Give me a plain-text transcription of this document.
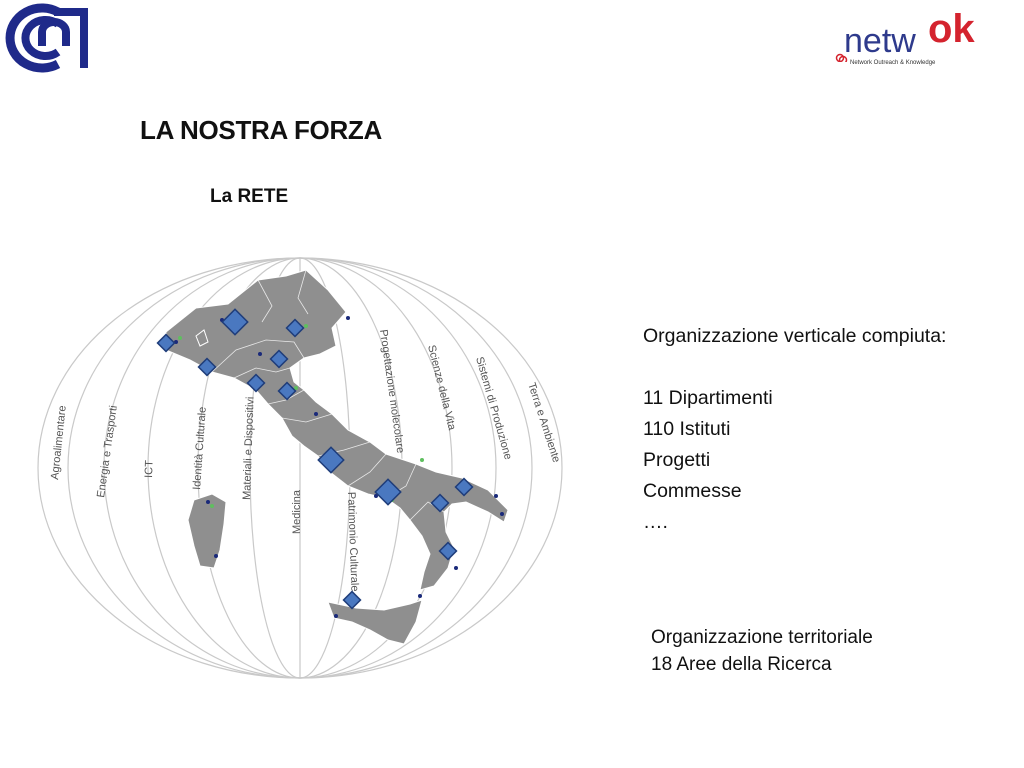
netw ok
Network Outreach & Knowledge
LA NOSTRA FORZA
La RETE
Agroalimentare Energia e Trasporti ICT	Identità Culturale	Materiali e Dispositivi
Medicina	Patrimonio Culturale
Progettazione molecolare Scienze della Vita Sistemi di Produzione Terra e Ambiente
Organizzazione verticale compiuta:
11 Dipartimenti
110 Istituti
Progetti
Commesse
….
Organizzazione territoriale
18 Aree della Ricerca
